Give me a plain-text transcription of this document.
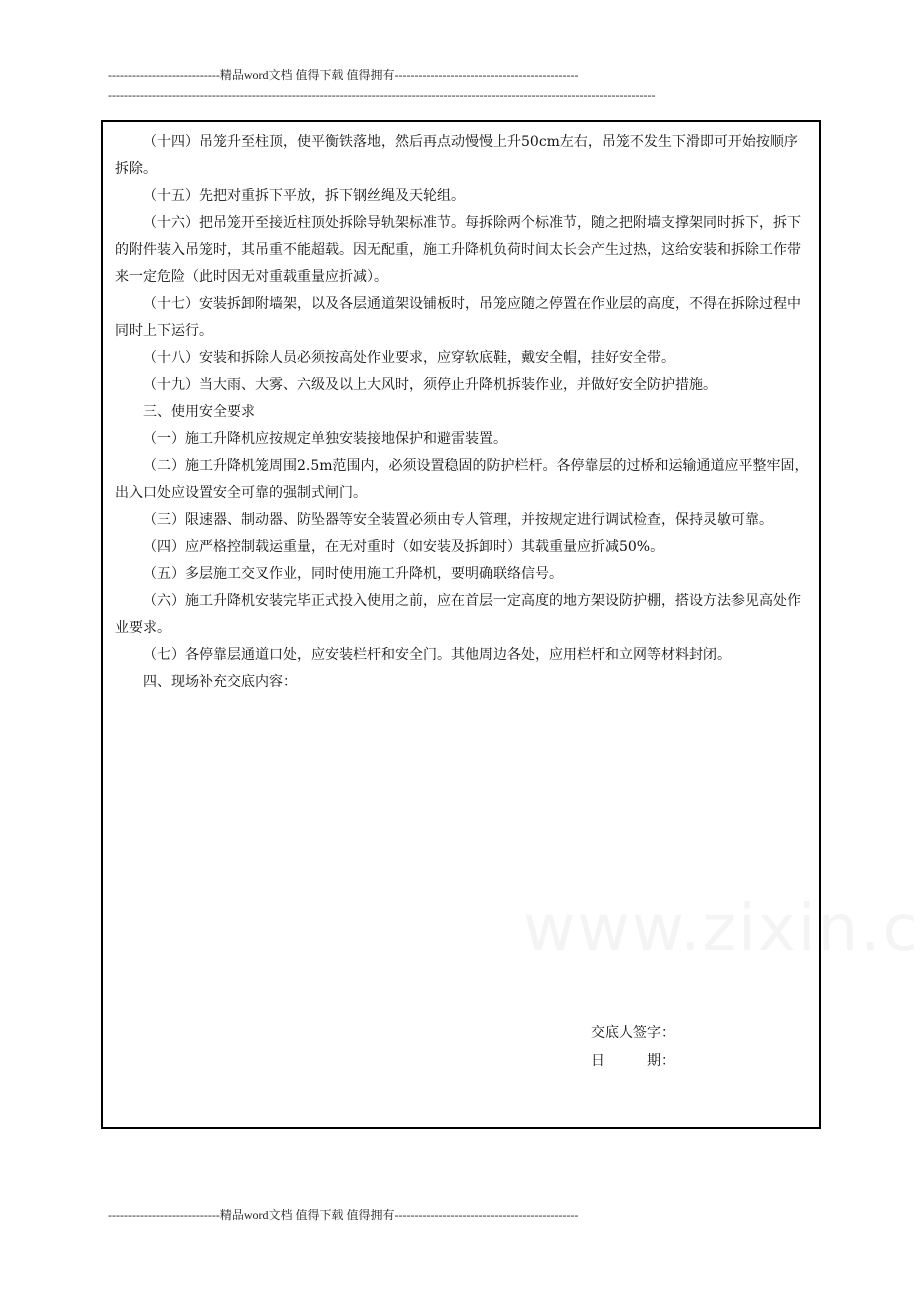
----------------------------精品word文档 值得下载 值得拥有----------------------------------------------
-----------------------------------------------------------------------------------------------------------------------------------------

（十四）吊笼升至柱顶，使平衡铁落地，然后再点动慢慢上升50cm左右，吊笼不发生下滑即可开始按顺序拆除。

（十五）先把对重拆下平放，拆下钢丝绳及天轮组。

（十六）把吊笼开至接近柱顶处拆除导轨架标准节。每拆除两个标准节，随之把附墙支撑架同时拆下，拆下的附件装入吊笼时，其吊重不能超载。因无配重，施工升降机负荷时间太长会产生过热，这给安装和拆除工作带来一定危险（此时因无对重载重量应折减）。

（十七）安装拆卸附墙架，以及各层通道架设铺板时，吊笼应随之停置在作业层的高度，不得在拆除过程中同时上下运行。

（十八）安装和拆除人员必须按高处作业要求，应穿软底鞋，戴安全帽，挂好安全带。

（十九）当大雨、大雾、六级及以上大风时，须停止升降机拆装作业，并做好安全防护措施。

三、使用安全要求

（一）施工升降机应按规定单独安装接地保护和避雷装置。

（二）施工升降机笼周围2.5m范围内，必须设置稳固的防护栏杆。各停靠层的过桥和运输通道应平整牢固，出入口处应设置安全可靠的强制式闸门。

（三）限速器、制动器、防坠器等安全装置必须由专人管理，并按规定进行调试检查，保持灵敏可靠。

（四）应严格控制载运重量，在无对重时（如安装及拆卸时）其载重量应折减50%。

（五）多层施工交叉作业，同时使用施工升降机，要明确联络信号。

（六）施工升降机安装完毕正式投入使用之前，应在首层一定高度的地方架设防护棚，搭设方法参见高处作业要求。

（七）各停靠层通道口处，应安装栏杆和安全门。其他周边各处，应用栏杆和立网等材料封闭。

四、现场补充交底内容：

交底人签字：
日　　　期：
----------------------------精品word文档 值得下载 值得拥有----------------------------------------------
